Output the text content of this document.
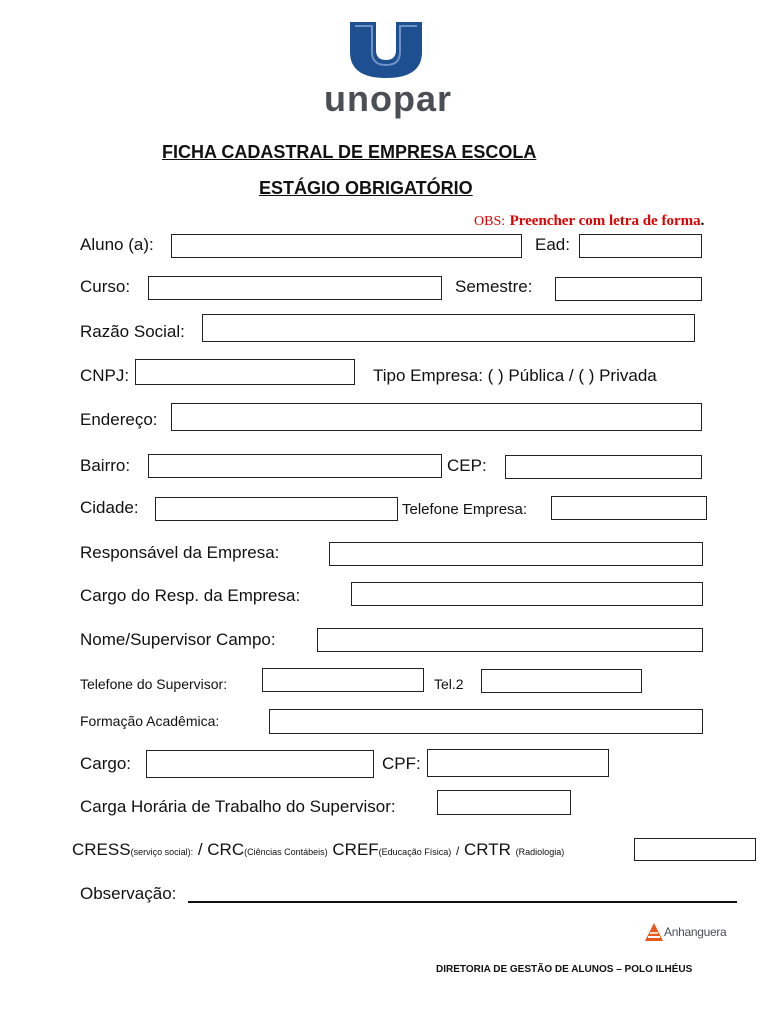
unopar
FICHA CADASTRAL DE EMPRESA ESCOLA
ESTÁGIO OBRIGATÓRIO
OBS: Preencher com letra de forma.
Aluno (a):	Ead:
Curso:	Semestre:
Razão Social:
CNPJ:	Tipo Empresa: ( ) Pública / ( ) Privada
Endereço:
Bairro:	CEP:
Cidade:	Telefone Empresa:
Responsável da Empresa:
Cargo do Resp. da Empresa:
Nome/Supervisor Campo:
Telefone do Supervisor:	Tel.2
Formação Acadêmica:
Cargo:	CPF:
Carga Horária de Trabalho do Supervisor:
CRESS(serviço social): / CRC(Ciências Contábeis) CREF(Educação Física) / CRTR (Radiologia)
Observação:
Anhanguera
DIRETORIA DE GESTÃO DE ALUNOS – POLO ILHÉUS
